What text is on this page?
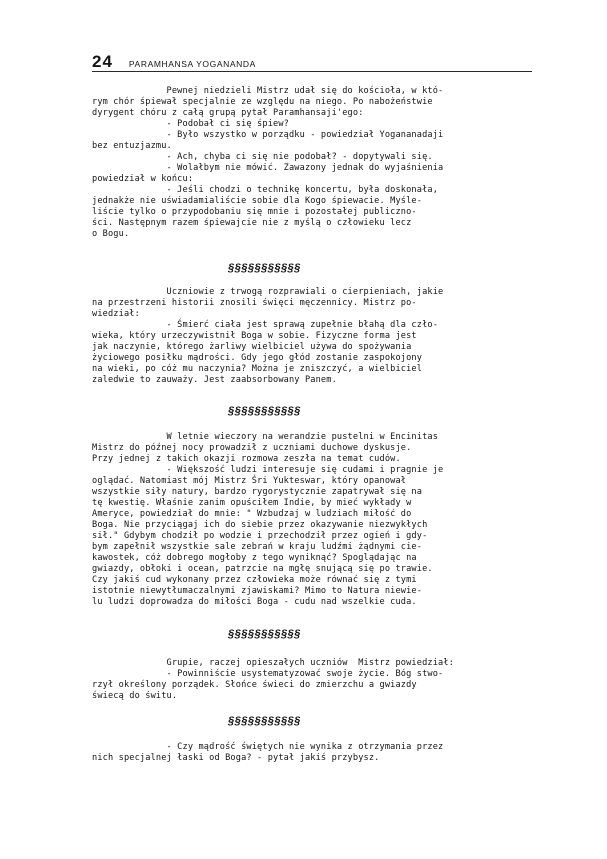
24 PARAMHANSA YOGANANDA
Pewnej niedzieli Mistrz udał się do kościoła, w któ-
rym chór śpiewał specjalnie ze względu na niego. Po nabożeństwie
dyrygent chóru z całą grupą pytał Paramhansaji'ego:
- Podobał ci się śpiew?
- Było wszystko w porządku - powiedział Yogananadaji
bez entuzjazmu.
- Ach, chyba ci się nie podobał? - dopytywali się.
- Wolałbym nie mówić. Zawazony jednak do wyjaśnienia
powiedział w końcu:
- Jeśli chodzi o technikę koncertu, była doskonała,
jednakże nie uświadamialiście sobie dla Kogo śpiewacie. Myśle-
liście tylko o przypodobaniu się mnie i pozostałej publiczno-
ści. Następnym razem śpiewajcie nie z myślą o człowieku lecz
o Bogu.
§§§§§§§§§§§
Uczniowie z trwogą rozprawiali o cierpieniach, jakie
na przestrzeni historii znosili święci męczennicy. Mistrz po-
wiedział:
- Śmierć ciała jest sprawą zupełnie błahą dla czło-
wieka, który urzeczywistnił Boga w sobie. Fizyczne forma jest
jak naczynie, którego żarliwy wielbiciel używa do spożywania
życiowego posiłku mądrości. Gdy jego głód zostanie zaspokojony
na wieki, po cóż mu naczynia? Można je zniszczyć, a wielbiciel
zaledwie to zauważy. Jest zaabsorbowany Panem.
§§§§§§§§§§§
W letnie wieczory na werandzie pustelni w Encinitas
Mistrz do późnej nocy prowadził z uczniami duchowe dyskusje.
Przy jednej z takich okazji rozmowa zeszła na temat cudów.
- Większość ludzi interesuje się cudami i pragnie je
oglądać. Natomiast mój Mistrz Śri Yukteswar, który opanował
wszystkie siły natury, bardzo rygorystycznie zapatrywał się na
tę kwestię. Właśnie zanim opuściłem Indie, by mieć wykłady w
Ameryce, powiedział do mnie: " Wzbudzaj w ludziach miłość do
Boga. Nie przyciągaj ich do siebie przez okazywanie niezwykłych
sił." Gdybym chodził po wodzie i przechodził przez ogień i gdy-
bym zapełnił wszystkie sale zebrań w kraju ludźmi żądnymi cie-
kawostek, cóż dobrego mogłoby z tego wyniknąć? Spoglądając na
gwiazdy, obłoki i ocean, patrzcie na mgłę snującą się po trawie.
Czy jakiś cud wykonany przez człowieka może równać się z tymi
istotnie niewytłumaczalnymi zjawiskami? Mimo to Natura niewie-
lu ludzi doprowadza do miłości Boga - cudu nad wszelkie cuda.
§§§§§§§§§§§
Grupie, raczej opieszałych uczniów  Mistrz powiedział:
- Powinniście usystematyzować swoje życie. Bóg stwo-
rzył określony porządek. Słońce świeci do zmierzchu a gwiazdy
świecą do świtu.
§§§§§§§§§§§
- Czy mądrość świętych nie wynika z otrzymania przez
nich specjalnej łaski od Boga? - pytał jakiś przybysz.
